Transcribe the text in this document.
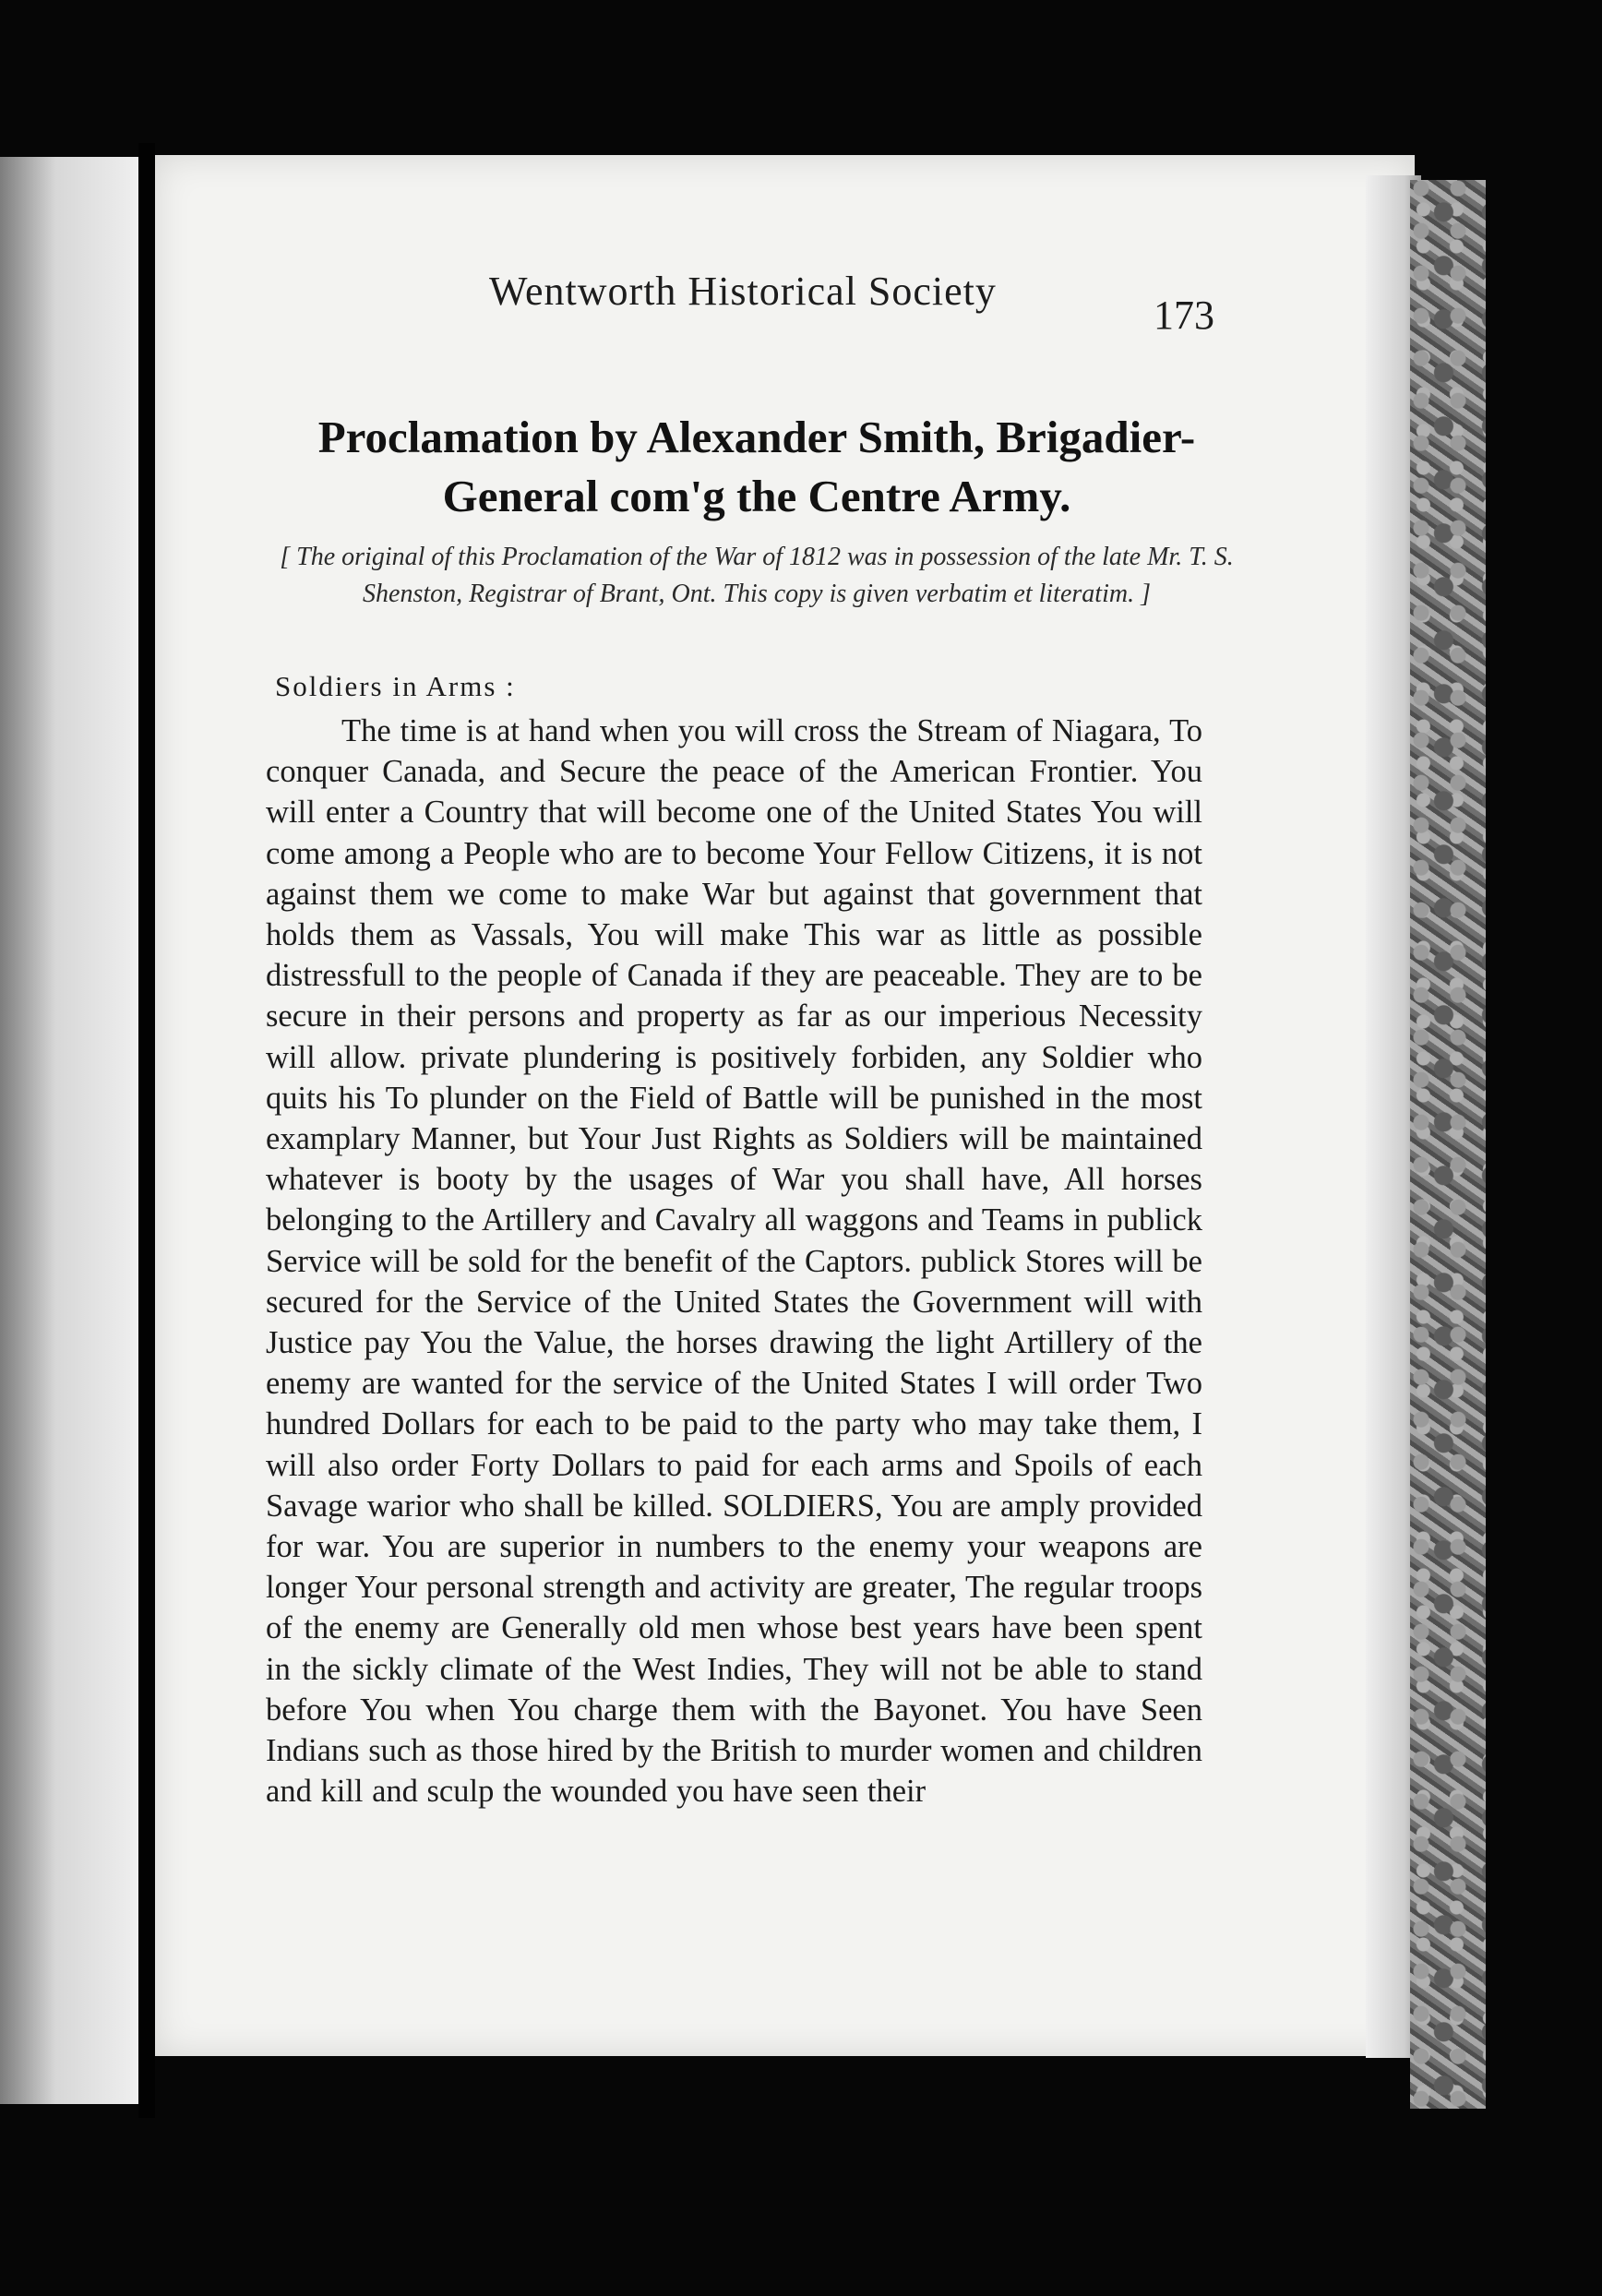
Wentworth Historical Society
173
Proclamation by Alexander Smith, Brigadier-General com'g the Centre Army.
[ The original of this Proclamation of the War of 1812 was in possession of the late Mr. T. S. Shenston, Registrar of Brant, Ont. This copy is given verbatim et literatim. ]
Soldiers in Arms :
The time is at hand when you will cross the Stream of Niagara, To conquer Canada, and Secure the peace of the American Frontier. You will enter a Country that will become one of the United States You will come among a People who are to become Your Fellow Citizens, it is not against them we come to make War but against that government that holds them as Vassals, You will make This war as little as possible distressfull to the people of Canada if they are peaceable. They are to be secure in their persons and property as far as our imperious Necessity will allow. private plundering is positively forbiden, any Soldier who quits his To plunder on the Field of Battle will be punished in the most examplary Manner, but Your Just Rights as Soldiers will be maintained whatever is booty by the usages of War you shall have, All horses belonging to the Artillery and Cavalry all waggons and Teams in publick Service will be sold for the benefit of the Captors. publick Stores will be secured for the Service of the United States the Government will with Justice pay You the Value, the horses drawing the light Artillery of the enemy are wanted for the service of the United States I will order Two hundred Dollars for each to be paid to the party who may take them, I will also order Forty Dollars to paid for each arms and Spoils of each Savage warior who shall be killed. SOLDIERS, You are amply provided for war. You are superior in numbers to the enemy your weapons are longer Your personal strength and activity are greater, The regular troops of the enemy are Generally old men whose best years have been spent in the sickly climate of the West Indies, They will not be able to stand before You when You charge them with the Bayonet. You have Seen Indians such as those hired by the British to murder women and children and kill and sculp the wounded you have seen their
